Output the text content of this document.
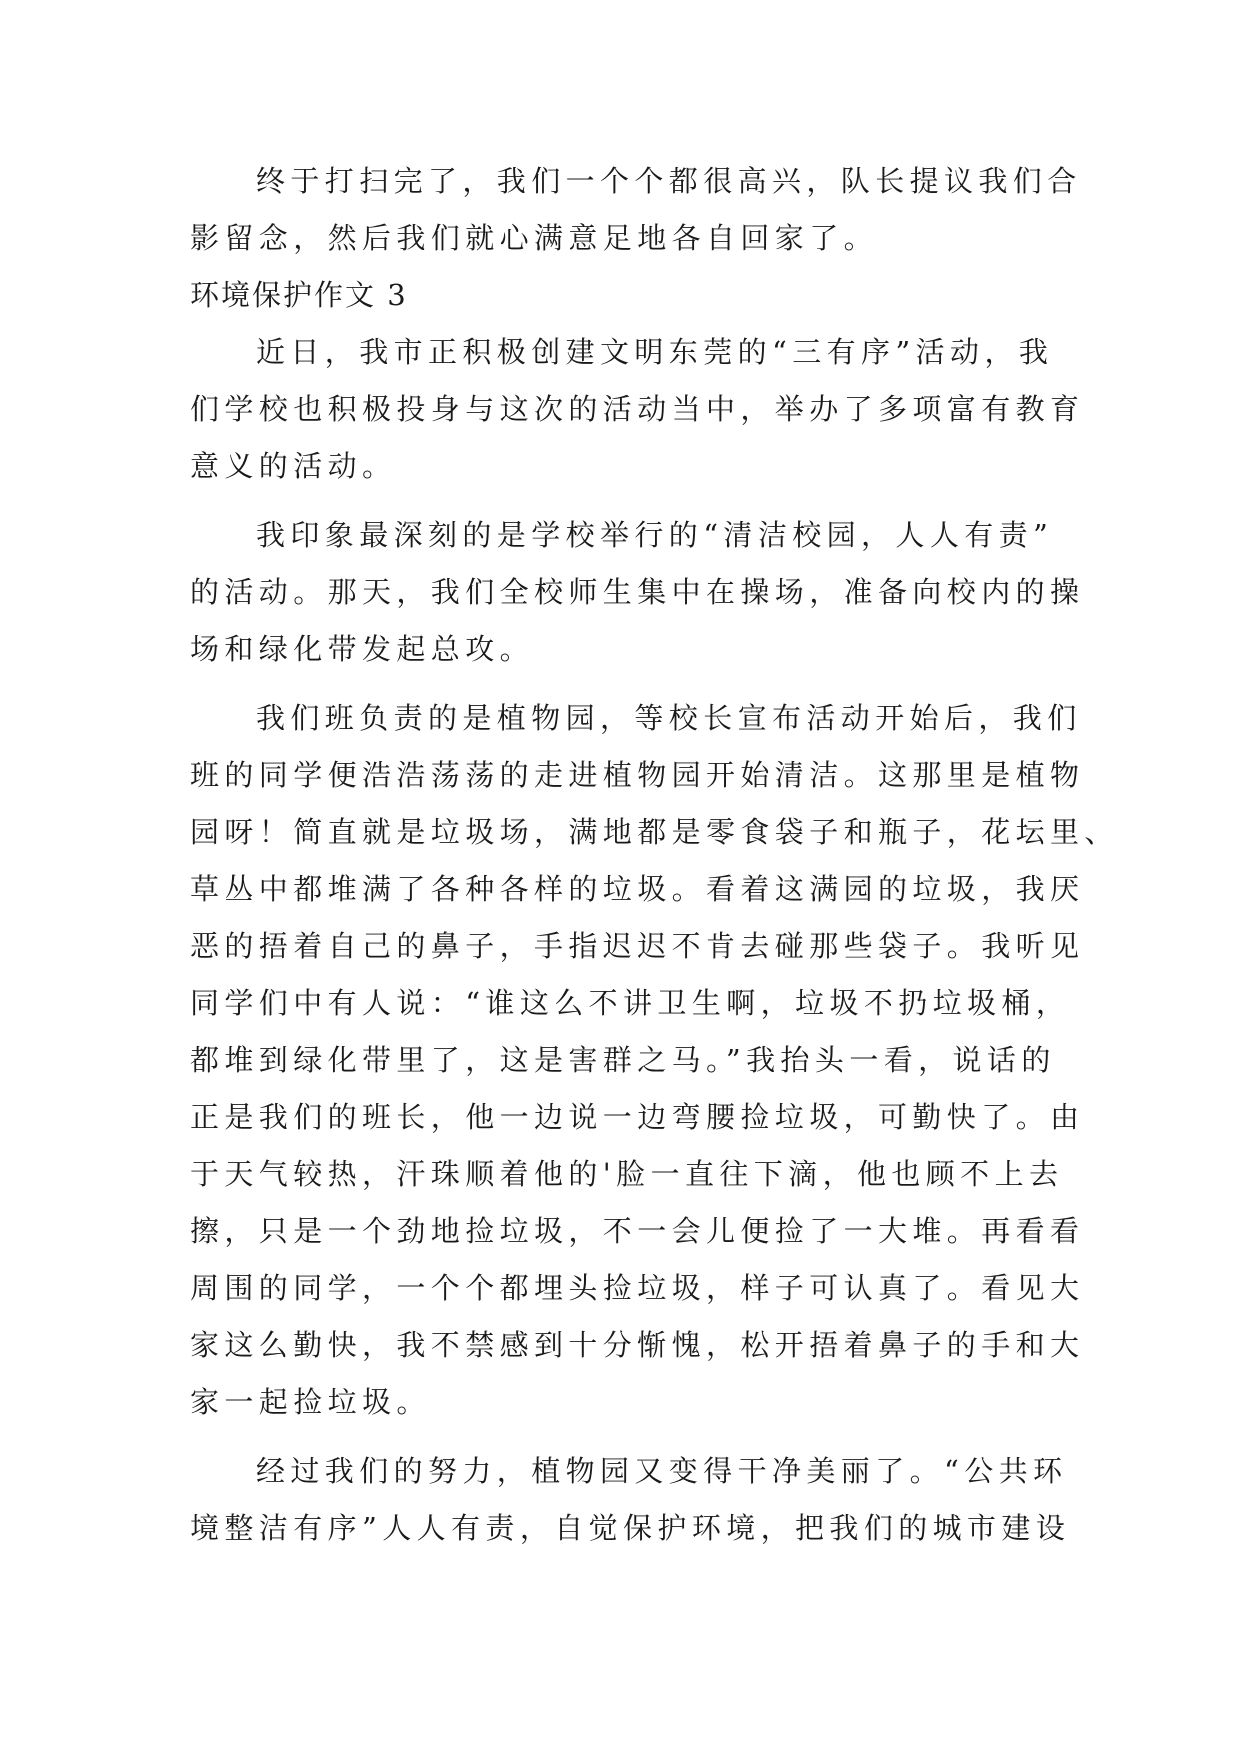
终于打扫完了，我们一个个都很高兴，队长提议我们合
影留念，然后我们就心满意足地各自回家了。
环境保护作文 3
近日，我市正积极创建文明东莞的“三有序”活动，我
们学校也积极投身与这次的活动当中，举办了多项富有教育
意义的活动。
我印象最深刻的是学校举行的“清洁校园，人人有责”
的活动。那天，我们全校师生集中在操场，准备向校内的操
场和绿化带发起总攻。
我们班负责的是植物园，等校长宣布活动开始后，我们
班的同学便浩浩荡荡的走进植物园开始清洁。这那里是植物
园呀！简直就是垃圾场，满地都是零食袋子和瓶子，花坛里、
草丛中都堆满了各种各样的垃圾。看着这满园的垃圾，我厌
恶的捂着自己的鼻子，手指迟迟不肯去碰那些袋子。我听见
同学们中有人说：“谁这么不讲卫生啊，垃圾不扔垃圾桶，
都堆到绿化带里了，这是害群之马。”我抬头一看，说话的
正是我们的班长，他一边说一边弯腰捡垃圾，可勤快了。由
于天气较热，汗珠顺着他的'脸一直往下滴，他也顾不上去
擦，只是一个劲地捡垃圾，不一会儿便捡了一大堆。再看看
周围的同学，一个个都埋头捡垃圾，样子可认真了。看见大
家这么勤快，我不禁感到十分惭愧，松开捂着鼻子的手和大
家一起捡垃圾。
经过我们的努力，植物园又变得干净美丽了。“公共环
境整洁有序”人人有责，自觉保护环境，把我们的城市建设
